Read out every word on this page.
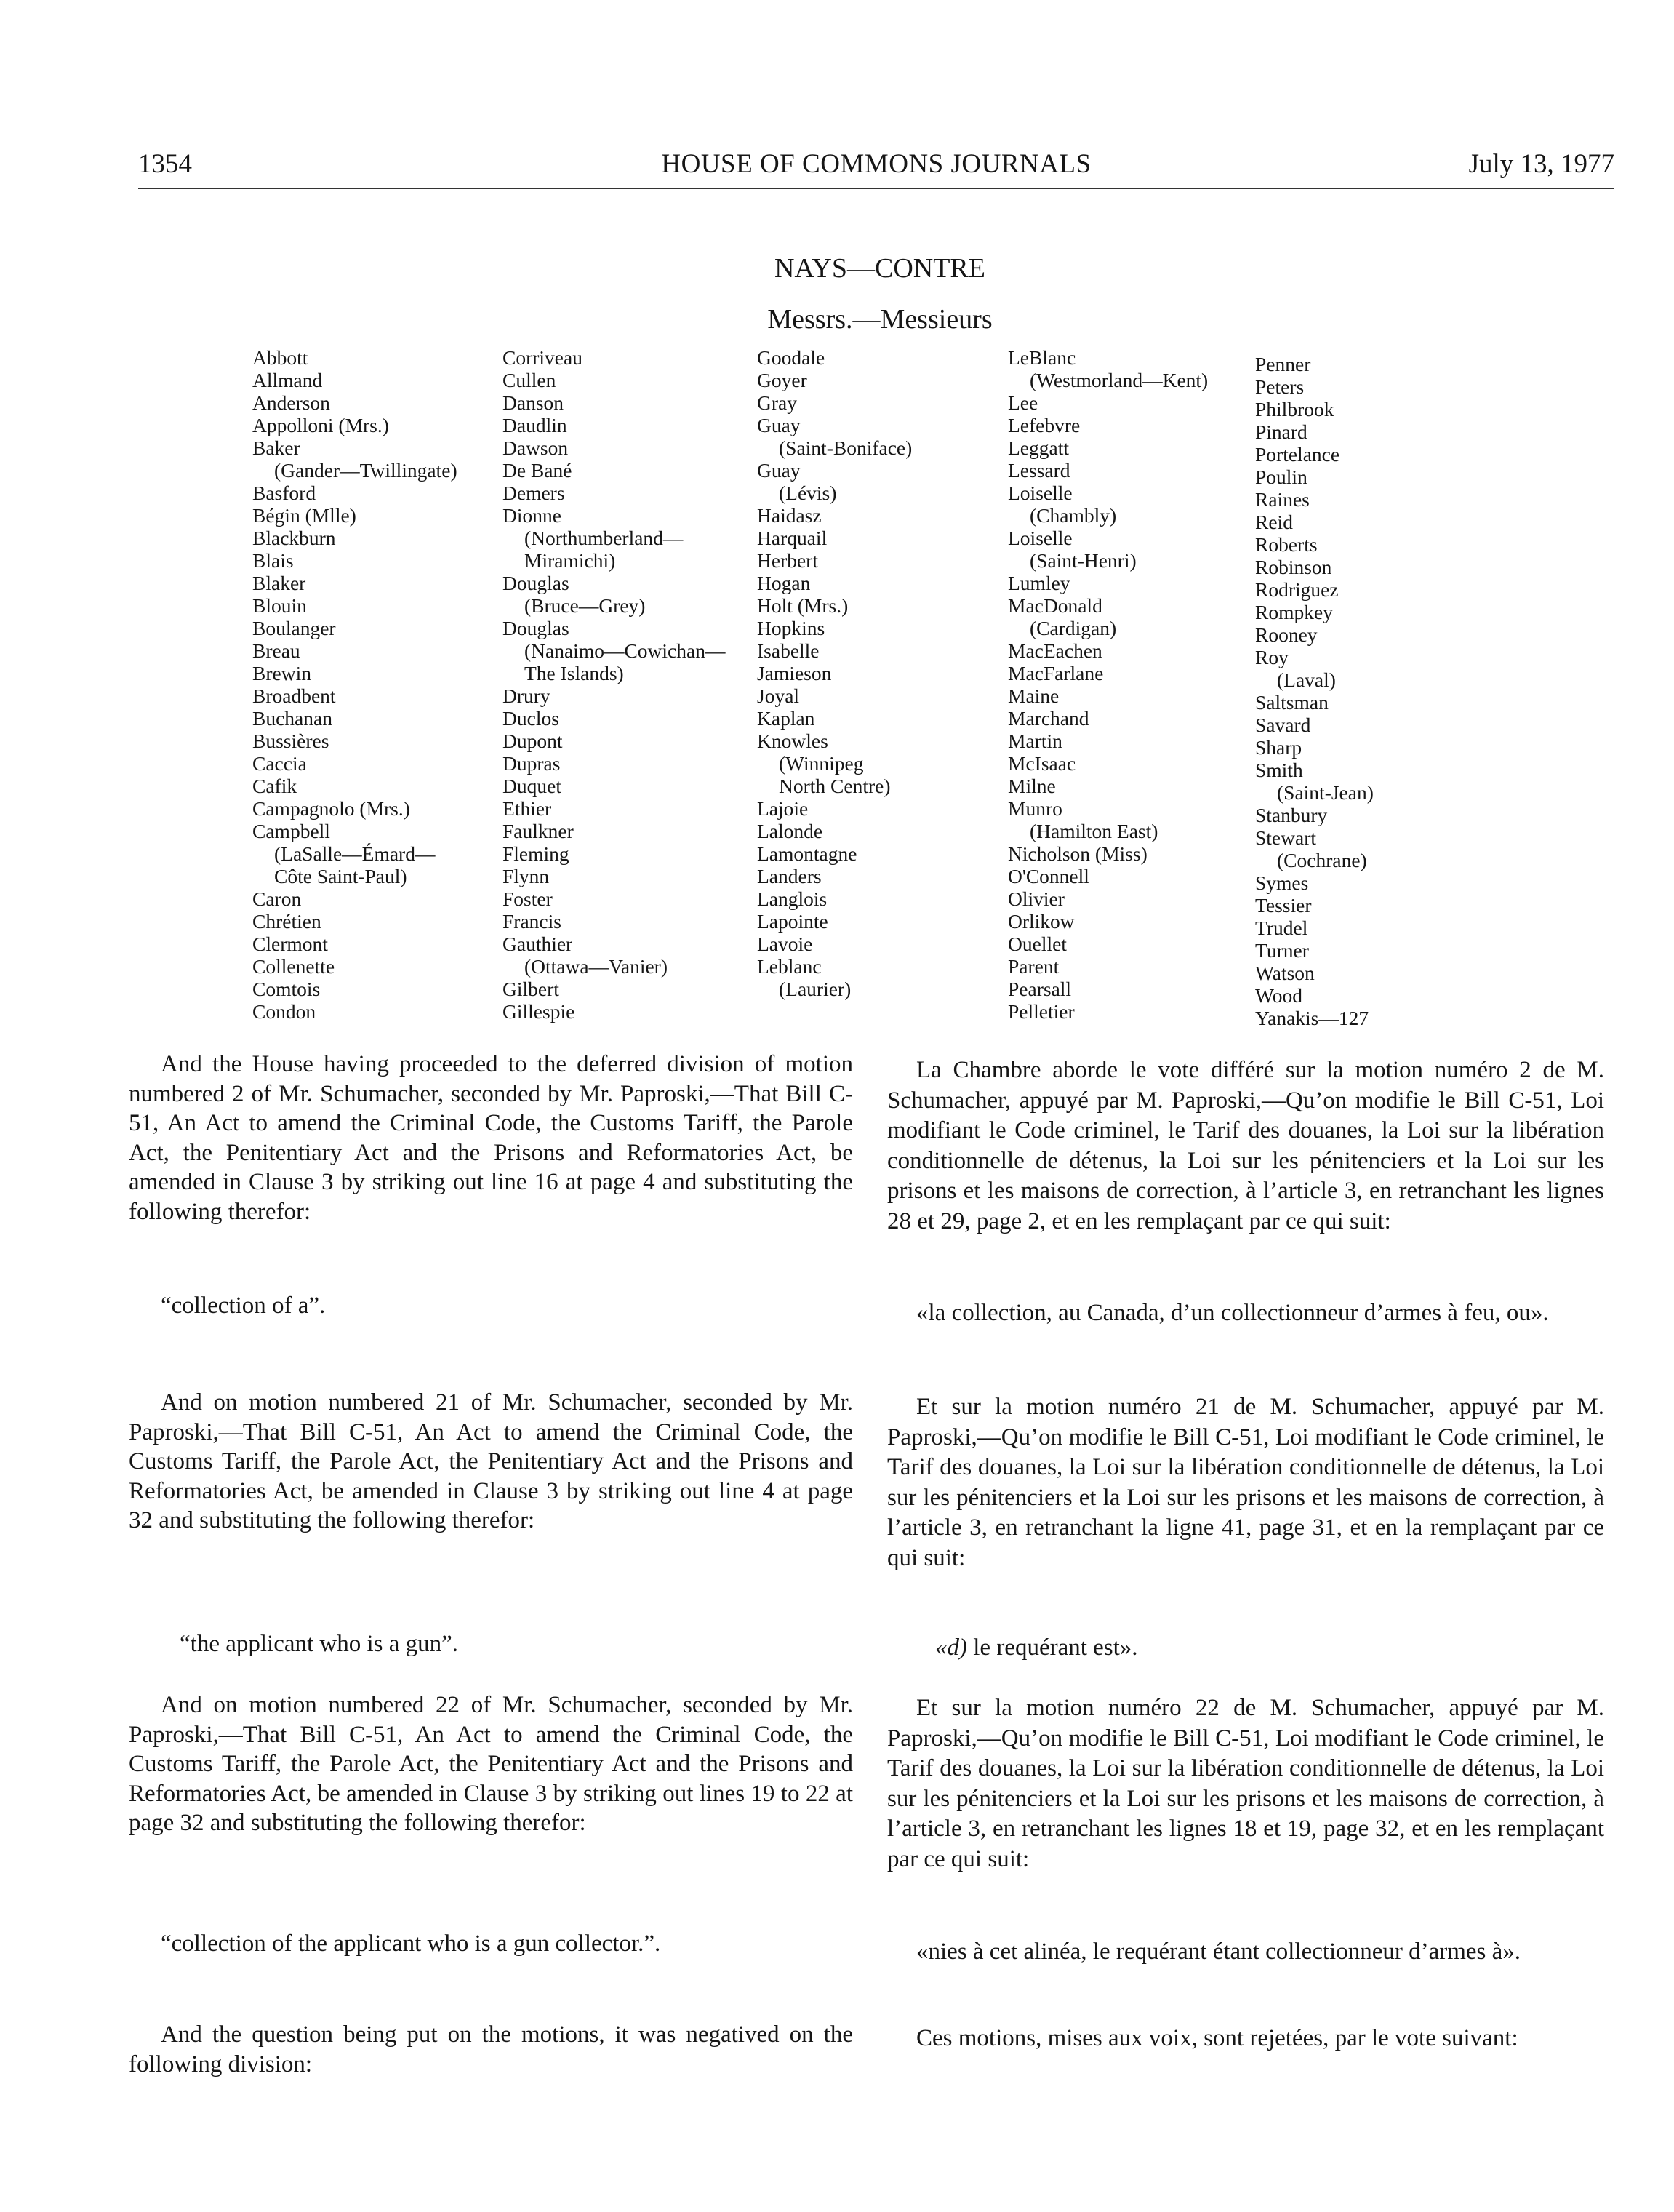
1354	HOUSE OF COMMONS JOURNALS	July 13, 1977
NAYS—CONTRE
Messrs.—Messieurs
Abbott
Allmand
Anderson
Appolloni (Mrs.)
Baker
(Gander—Twillingate)
Basford
Bégin (Mlle)
Blackburn
Blais
Blaker
Blouin
Boulanger
Breau
Brewin
Broadbent
Buchanan
Bussières
Caccia
Cafik
Campagnolo (Mrs.)
Campbell
(LaSalle—Émard—
Côte Saint-Paul)
Caron
Chrétien
Clermont
Collenette
Comtois
Condon
Corriveau
Cullen
Danson
Daudlin
Dawson
De Bané
Demers
Dionne
(Northumberland—
Miramichi)
Douglas
(Bruce—Grey)
Douglas
(Nanaimo—Cowichan—
The Islands)
Drury
Duclos
Dupont
Dupras
Duquet
Ethier
Faulkner
Fleming
Flynn
Foster
Francis
Gauthier
(Ottawa—Vanier)
Gilbert
Gillespie
Goodale
Goyer
Gray
Guay
(Saint-Boniface)
Guay
(Lévis)
Haidasz
Harquail
Herbert
Hogan
Holt (Mrs.)
Hopkins
Isabelle
Jamieson
Joyal
Kaplan
Knowles
(Winnipeg
North Centre)
Lajoie
Lalonde
Lamontagne
Landers
Langlois
Lapointe
Lavoie
Leblanc
(Laurier)
LeBlanc
(Westmorland—Kent)
Lee
Lefebvre
Leggatt
Lessard
Loiselle
(Chambly)
Loiselle
(Saint-Henri)
Lumley
MacDonald
(Cardigan)
MacEachen
MacFarlane
Maine
Marchand
Martin
McIsaac
Milne
Munro
(Hamilton East)
Nicholson (Miss)
O'Connell
Olivier
Orlikow
Ouellet
Parent
Pearsall
Pelletier
Penner
Peters
Philbrook
Pinard
Portelance
Poulin
Raines
Reid
Roberts
Robinson
Rodriguez
Rompkey
Rooney
Roy
(Laval)
Saltsman
Savard
Sharp
Smith
(Saint-Jean)
Stanbury
Stewart
(Cochrane)
Symes
Tessier
Trudel
Turner
Watson
Wood
Yanakis—127
And the House having proceeded to the deferred division of motion numbered 2 of Mr. Schumacher, seconded by Mr. Paproski,—That Bill C-51, An Act to amend the Criminal Code, the Customs Tariff, the Parole Act, the Penitentiary Act and the Prisons and Reformatories Act, be amended in Clause 3 by striking out line 16 at page 4 and substituting the following therefor:
“collection of a”.
And on motion numbered 21 of Mr. Schumacher, seconded by Mr. Paproski,—That Bill C-51, An Act to amend the Criminal Code, the Customs Tariff, the Parole Act, the Penitentiary Act and the Prisons and Reformatories Act, be amended in Clause 3 by striking out line 4 at page 32 and substituting the following therefor:
“the applicant who is a gun”.
And on motion numbered 22 of Mr. Schumacher, seconded by Mr. Paproski,—That Bill C-51, An Act to amend the Criminal Code, the Customs Tariff, the Parole Act, the Penitentiary Act and the Prisons and Reformatories Act, be amended in Clause 3 by striking out lines 19 to 22 at page 32 and substituting the following therefor:
“collection of the applicant who is a gun collector.”.
And the question being put on the motions, it was negatived on the following division:
La Chambre aborde le vote différé sur la motion numéro 2 de M. Schumacher, appuyé par M. Paproski,—Qu’on modifie le Bill C-51, Loi modifiant le Code criminel, le Tarif des douanes, la Loi sur la libération conditionnelle de détenus, la Loi sur les pénitenciers et la Loi sur les prisons et les maisons de correction, à l’article 3, en retranchant les lignes 28 et 29, page 2, et en les remplaçant par ce qui suit:
«la collection, au Canada, d’un collectionneur d’armes à feu, ou».
Et sur la motion numéro 21 de M. Schumacher, appuyé par M. Paproski,—Qu’on modifie le Bill C-51, Loi modifiant le Code criminel, le Tarif des douanes, la Loi sur la libération conditionnelle de détenus, la Loi sur les pénitenciers et la Loi sur les prisons et les maisons de correction, à l’article 3, en retranchant la ligne 41, page 31, et en la remplaçant par ce qui suit:
«d) le requérant est».
Et sur la motion numéro 22 de M. Schumacher, appuyé par M. Paproski,—Qu’on modifie le Bill C-51, Loi modifiant le Code criminel, le Tarif des douanes, la Loi sur la libération conditionnelle de détenus, la Loi sur les pénitenciers et la Loi sur les prisons et les maisons de correction, à l’article 3, en retranchant les lignes 18 et 19, page 32, et en les remplaçant par ce qui suit:
«nies à cet alinéa, le requérant étant collectionneur d’armes à».
Ces motions, mises aux voix, sont rejetées, par le vote suivant:
